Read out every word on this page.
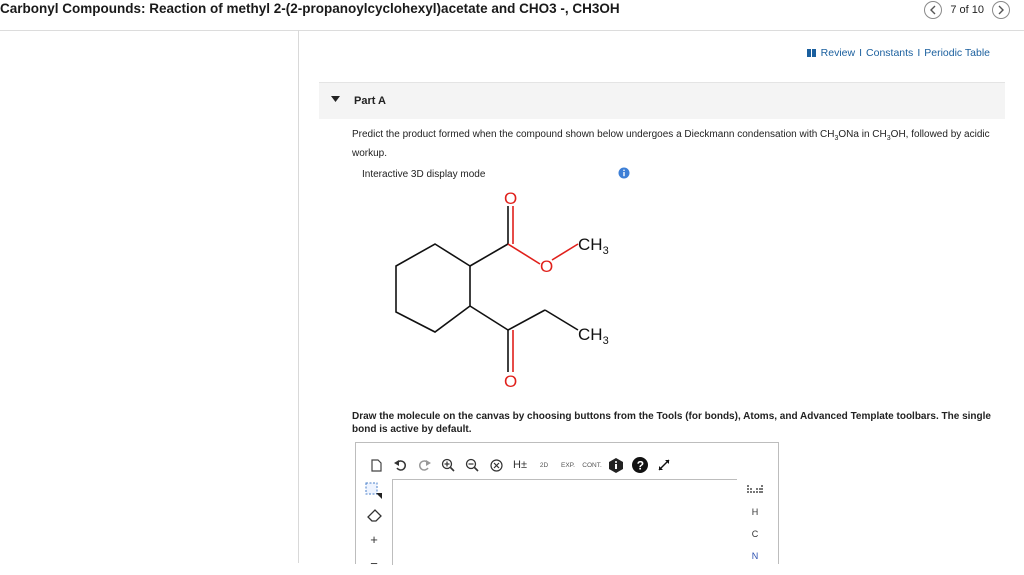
Carbonyl Compounds: Reaction of methyl 2-(2-propanoylcyclohexyl)acetate and CHO3 -, CH3OH	7 of 10
Review I Constants I Periodic Table
Part A
Predict the product formed when the compound shown below undergoes a Dieckmann condensation with $CH_3ONa$ in $CH_3OH$, followed by acidic workup.
Interactive 3D display mode
O
O
O
$CH_3$
$CH_3$
Draw the molecule on the canvas by choosing buttons from the Tools (for bonds), Atoms, and Advanced Template toolbars. The single bond is active by default.
H±	2D	EXP.	CONT.	?
+
−
H
C
N
